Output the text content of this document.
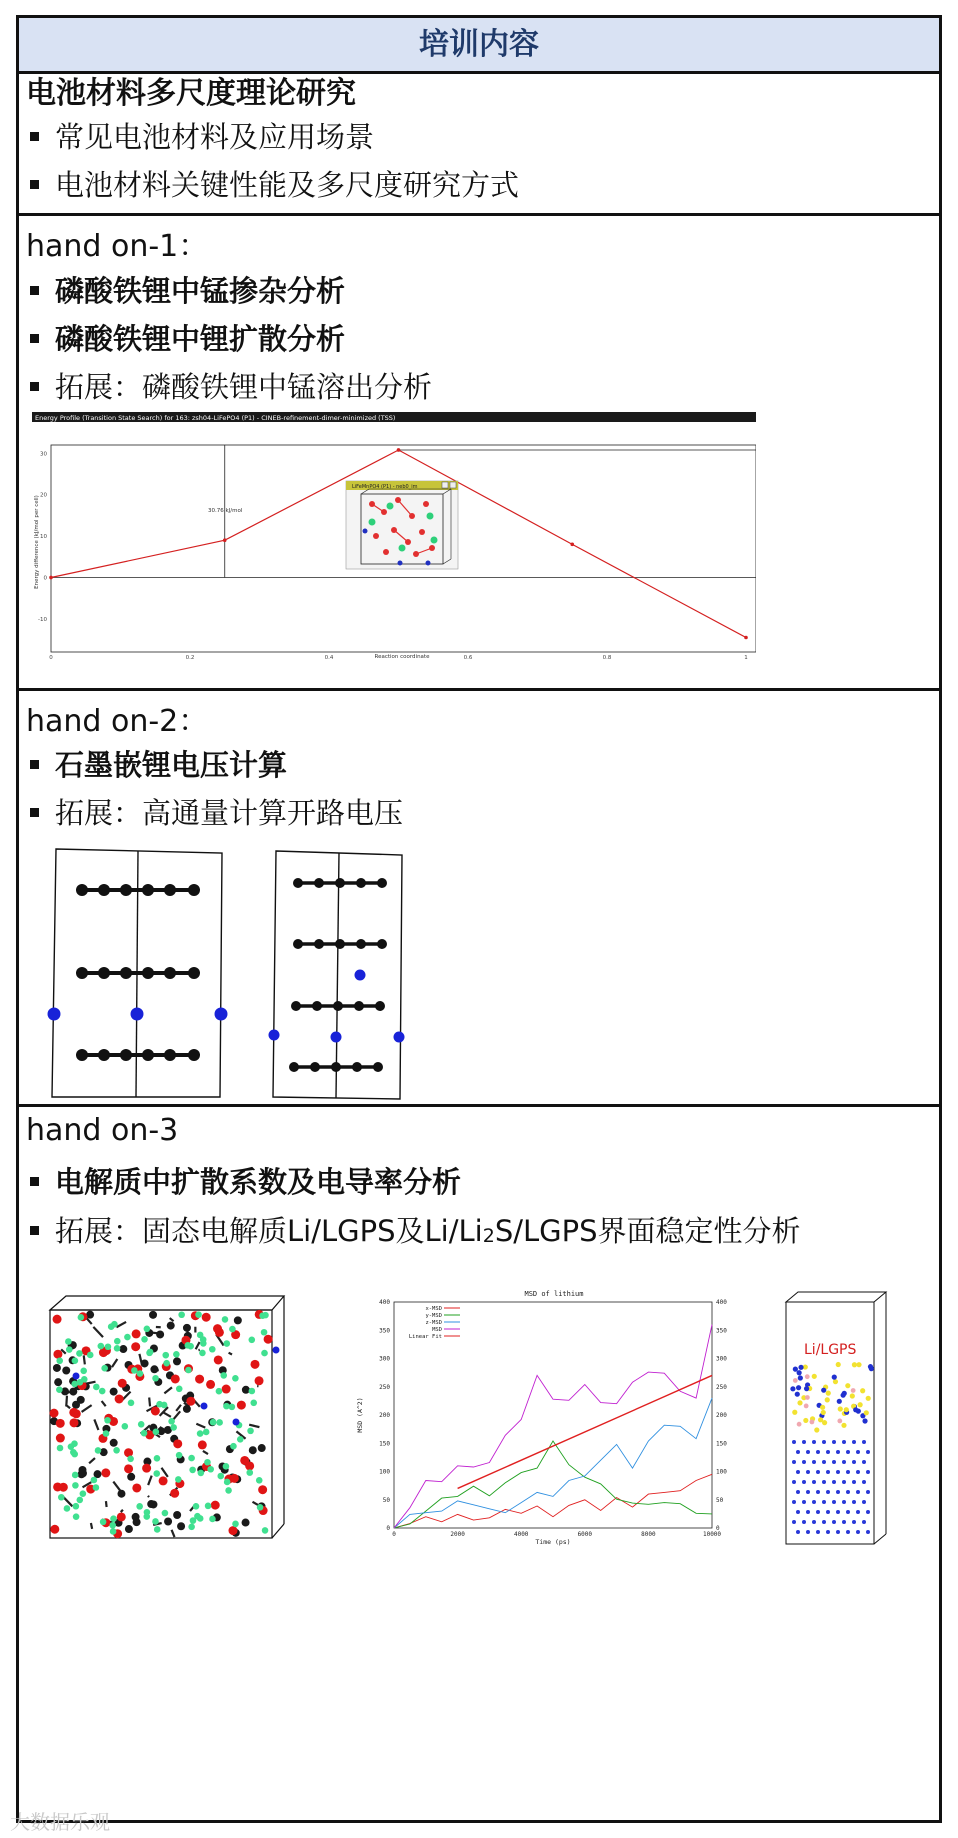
培训内容
电池材料多尺度理论研究
常见电池材料及应用场景
电池材料关键性能及多尺度研究方式
hand on-1：
磷酸铁锂中锰掺杂分析
磷酸铁锂中锂扩散分析
拓展：磷酸铁锂中锰溶出分析
Energy Profile (Transition State Search) for 163: zsh04-LiFePO4 (P1) - CINEB-refinement-dimer-minimized (TSS)
Energy difference (kJ/mol per cell)
Reaction coordinate
-10
0
10
20
30
0	0.2	0.4	0.6	0.8	1
30.76 kJ/mol
LiFeMnPO4 (P1) - neb0_im
hand on-2：
石墨嵌锂电压计算
拓展：高通量计算开路电压
hand on-3
电解质中扩散系数及电导率分析
拓展：固态电解质Li/LGPS及Li/Li2S/LGPS界面稳定性分析
MSD of lithium
MSD (A^2)
Time (ps)
0	0
50	50
100	100
150	150
200	200
250	250
300	300
350	350
400	400
0	2000	4000	6000	8000	10000
x-MSD
y-MSD
z-MSD
MSD
Linear Fit
Li/LGPS
大数据乐观
